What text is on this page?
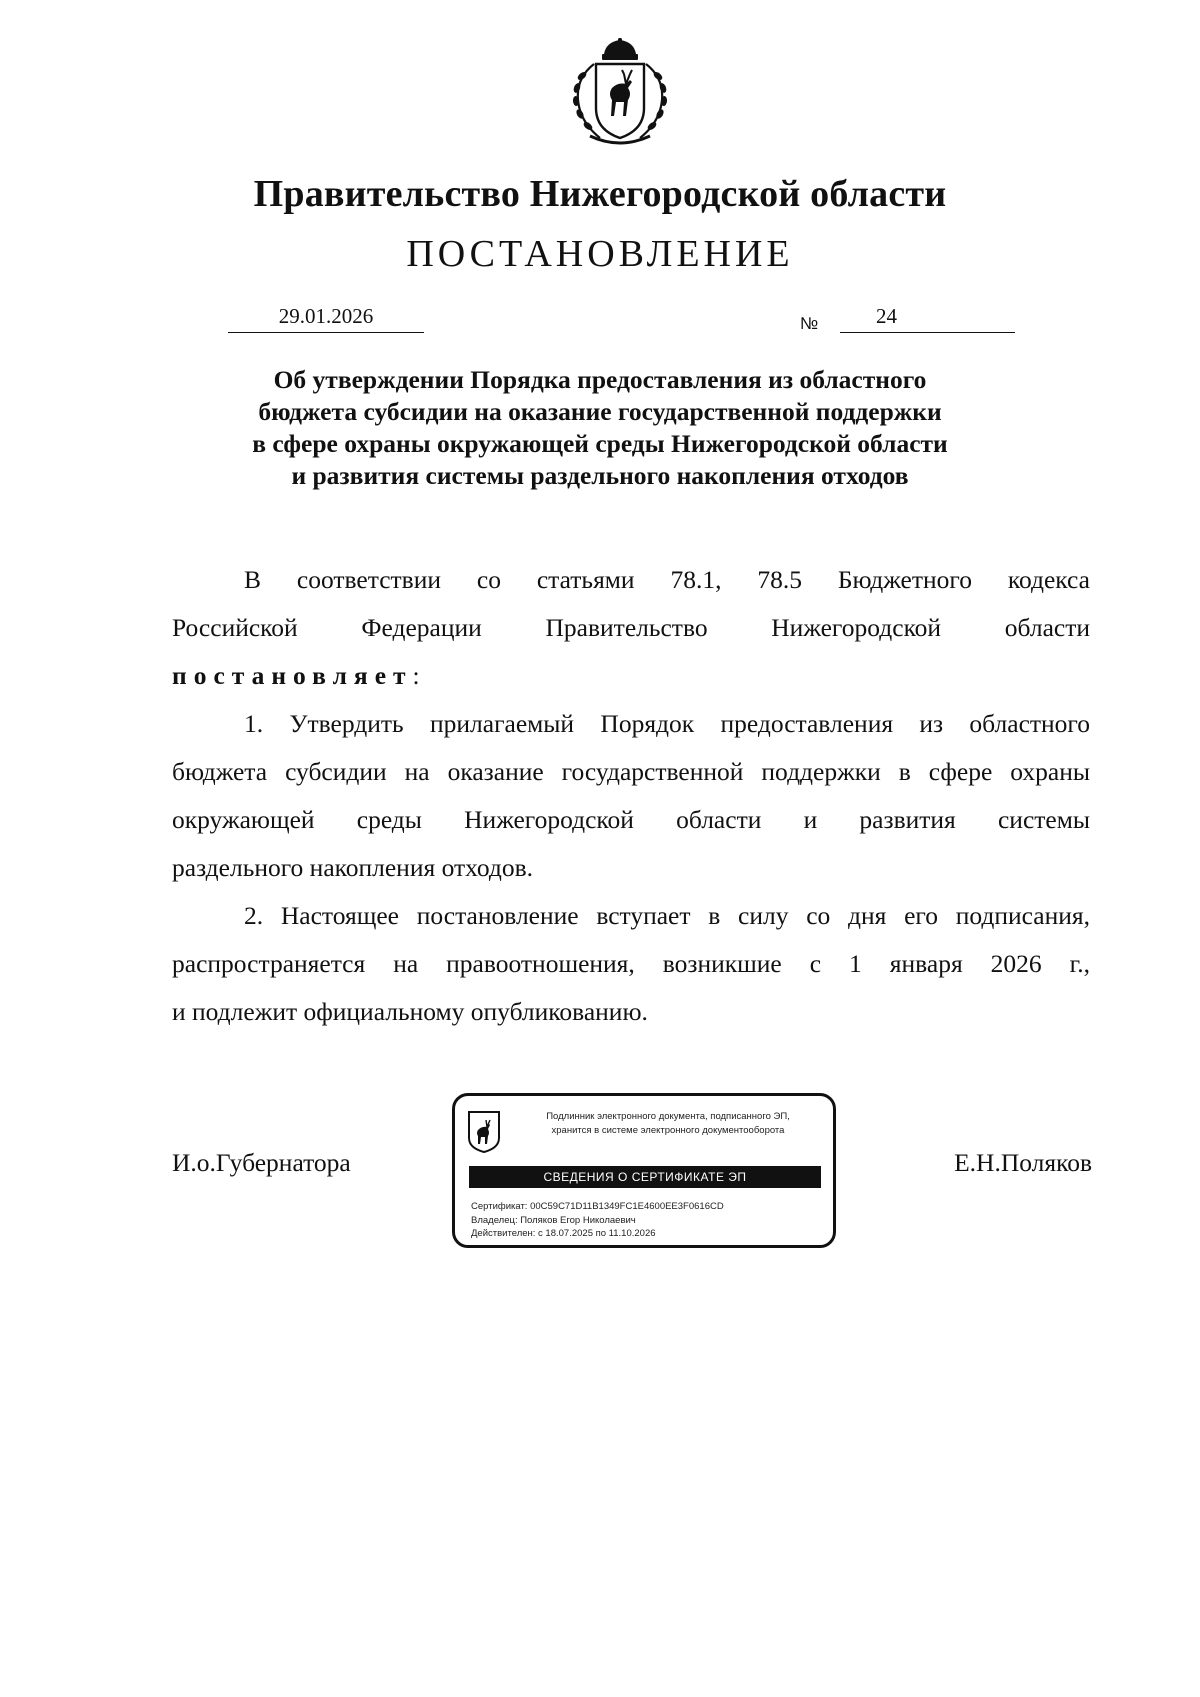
Правительство Нижегородской области
ПОСТАНОВЛЕНИЕ
29.01.2026	№	24
Об утверждении Порядка предоставления из областного
бюджета субсидии на оказание государственной поддержки
в сфере охраны окружающей среды Нижегородской области
и развития системы раздельного накопления отходов
В соответствии со статьями 78.1, 78.5 Бюджетного кодекса
Российской Федерации Правительство Нижегородской области
постановляет:
1. Утвердить прилагаемый Порядок предоставления из областного
бюджета субсидии на оказание государственной поддержки в сфере охраны
окружающей среды Нижегородской области и развития системы
раздельного накопления отходов.
2. Настоящее постановление вступает в силу со дня его подписания,
распространяется на правоотношения, возникшие с 1 января 2026 г.,
и подлежит официальному опубликованию.
И.о.Губернатора	Е.Н.Поляков
Подлинник электронного документа, подписанного ЭП,
хранится в системе электронного документооборота
СВЕДЕНИЯ О СЕРТИФИКАТЕ ЭП
Сертификат: 00C59C71D11B1349FC1E4600EE3F0616CD
Владелец: Поляков Егор Николаевич
Действителен: с 18.07.2025 по 11.10.2026
